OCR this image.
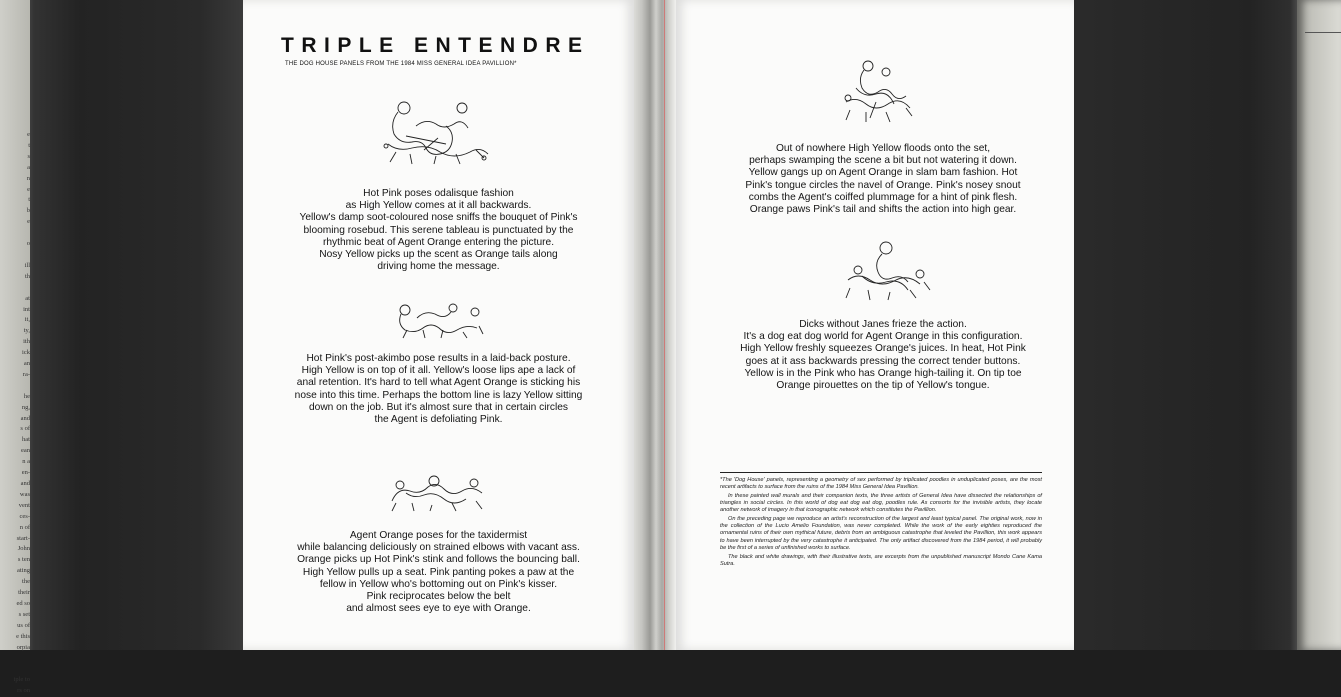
e
t
s
a
n
e
t
b
e

o

ill
th

at
int
it,
ty,
ith
ick
an
ra-

he
ng,
and
s of
hat
ean
n a
en-
and
was
vent
ces-
n of
start-
John
s ten
ating
the
their
ed so
s set
us of
e this
orpia

iple to
rs on
TRIPLE ENTENDRE
THE DOG HOUSE PANELS FROM THE 1984 MISS GENERAL IDEA PAVILLION*
Hot Pink poses odalisque fashion
as High Yellow comes at it all backwards.
Yellow's damp soot-coloured nose sniffs the bouquet of Pink's
blooming rosebud. This serene tableau is punctuated by the
rhythmic beat of Agent Orange entering the picture.
Nosy Yellow picks up the scent as Orange tails along
driving home the message.
Hot Pink's post-akimbo pose results in a laid-back posture.
High Yellow is on top of it all. Yellow's loose lips ape a lack of
anal retention. It's hard to tell what Agent Orange is sticking his
nose into this time. Perhaps the bottom line is lazy Yellow sitting
down on the job. But it's almost sure that in certain circles
the Agent is defoliating Pink.
Agent Orange poses for the taxidermist
while balancing deliciously on strained elbows with vacant ass.
Orange picks up Hot Pink's stink and follows the bouncing ball.
High Yellow pulls up a seat. Pink panting pokes a paw at the
fellow in Yellow who's bottoming out on Pink's kisser.
Pink reciprocates below the belt
and almost sees eye to eye with Orange.
Out of nowhere High Yellow floods onto the set,
perhaps swamping the scene a bit but not watering it down.
Yellow gangs up on Agent Orange in slam bam fashion. Hot
Pink's tongue circles the navel of Orange. Pink's nosey snout
combs the Agent's coiffed plummage for a hint of pink flesh.
Orange paws Pink's tail and shifts the action into high gear.
Dicks without Janes frieze the action.
It's a dog eat dog world for Agent Orange in this configuration.
High Yellow freshly squeezes Orange's juices. In heat, Hot Pink
goes at it ass backwards pressing the correct tender buttons.
Yellow is in the Pink who has Orange high-tailing it. On tip toe
Orange pirouettes on the tip of Yellow's tongue.

*The 'Dog House' panels, representing a geometry of sex performed by triplicated poodles in unduplicated poses, are the most recent artifacts to surface from the ruins of the 1984 Miss General Idea Pavillion.

In these painted wall murals and their companion texts, the three artists of General Idea have dissected the relationships of triangles in social circles. In this world of dog eat dog eat dog, poodles rule. As consorts for the invisible artists, they locate another network of imagery in that iconographic network which constitutes the Pavillion.

On the preceding page we reproduce an artist's reconstruction of the largest and least typical panel. The original work, now in the collection of the Lucio Amelio Foundation, was never completed. While the work of the early eighties reproduced the ornamental ruins of their own mythical future, debris from an ambiguous catastrophe that leveled the Pavillion, this work appears to have been interrupted by the very catastrophe it anticipated. The only artifact discovered from the 1984 period, it will probably be the first of a series of unfinished works to surface.

The black and white drawings, with their illustrative texts, are excerpts from the unpublished manuscript Mondo Cane Kama Sutra.
